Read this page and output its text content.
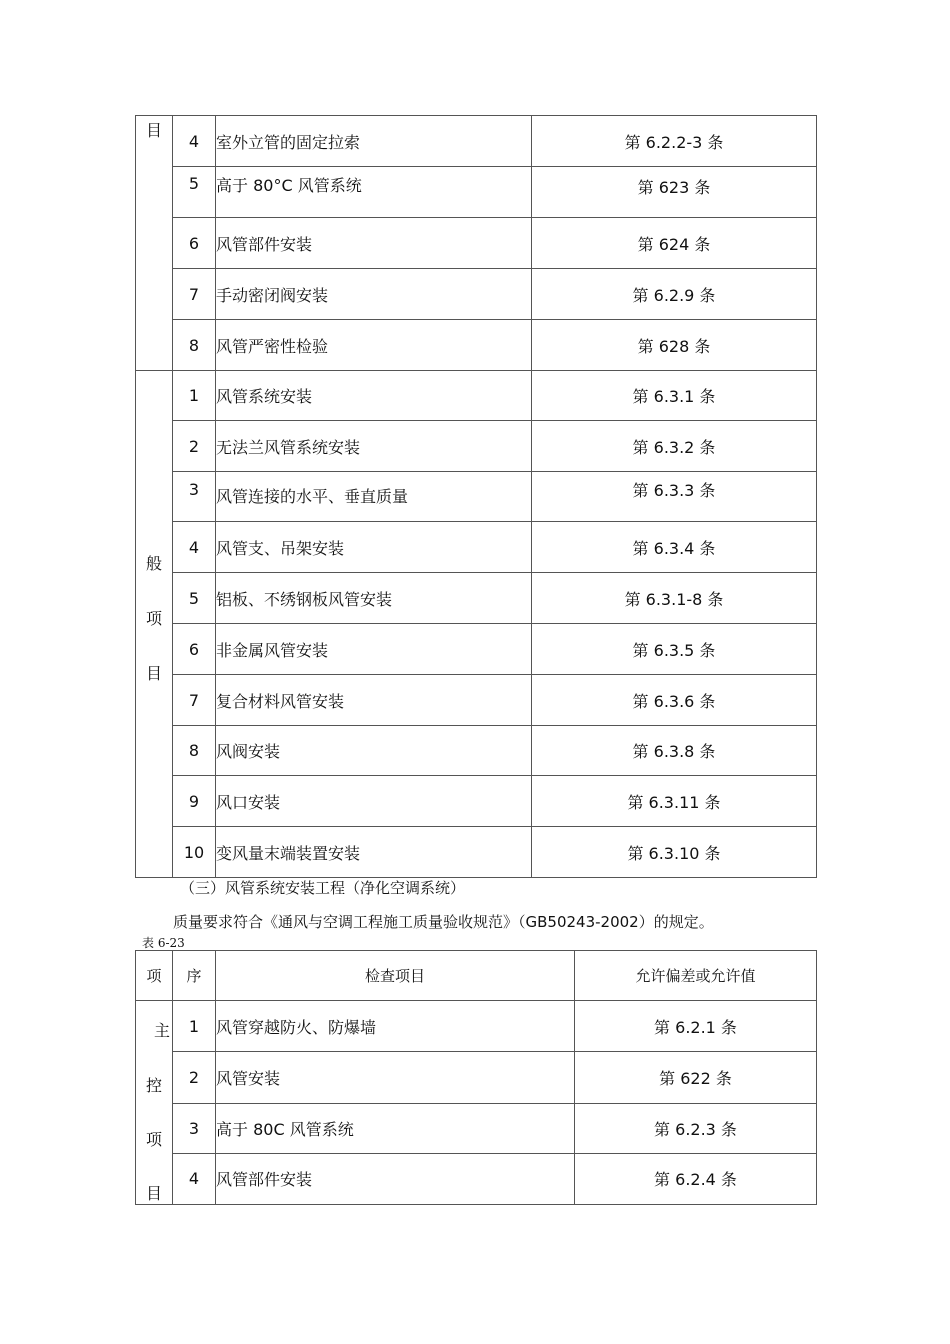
目	4	室外立管的固定拉索	第 6.2.2-3 条
	5	高于 80°C 风管系统	第 623 条
	6	风管部件安装	第 624 条
	7	手动密闭阀安装	第 6.2.9 条
	8	风管严密性检验	第 628 条

般
项
目	1	风管系统安装	第 6.3.1 条
	2	无法兰风管系统安装	第 6.3.2 条
	3	风管连接的水平、垂直质量	第 6.3.3 条
	4	风管支、吊架安装	第 6.3.4 条
	5	铝板、不绣钢板风管安装	第 6.3.1-8 条
	6	非金属风管安装	第 6.3.5 条
	7	复合材料风管安装	第 6.3.6 条
	8	风阀安装	第 6.3.8 条
	9	风口安装	第 6.3.11 条
	10	变风量末端装置安装	第 6.3.10 条
（三）风管系统安装工程（净化空调系统）
质量要求符合《通风与空调工程施工质量验收规范》（GB50243-2002）的规定。
表 6-23
项	序	检查项目	允许偏差或允许值

主
控
项
目	1	风管穿越防火、防爆墙	第 6.2.1 条
	2	风管安装	第 622 条
	3	高于 80C 风管系统	第 6.2.3 条
	4	风管部件安装	第 6.2.4 条
